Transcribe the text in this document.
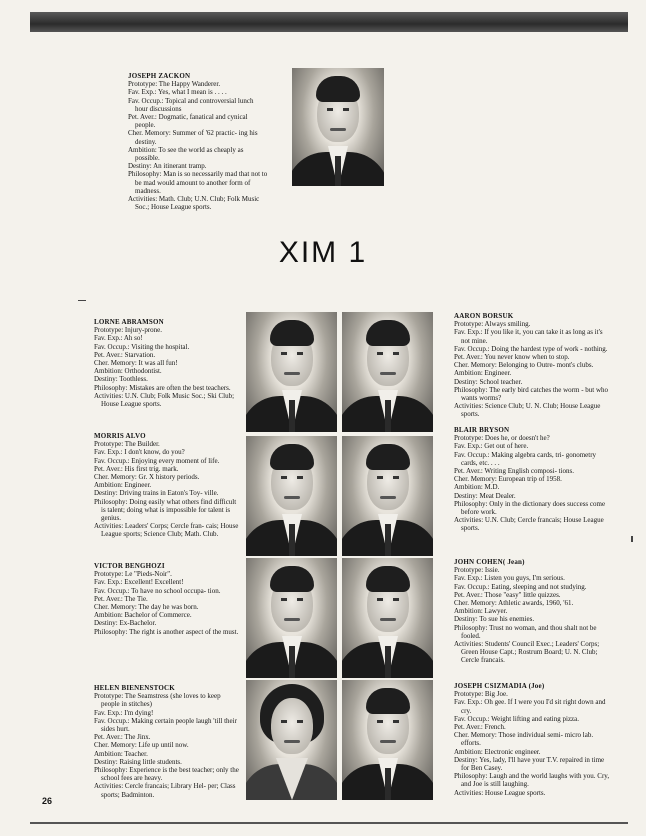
JOSEPH ZACKON
Prototype: The Happy Wanderer.
Fav. Exp.: Yes, what I mean is . . . .
Fav. Occup.: Topical and controversial lunch hour discussions
Pet. Aver.: Dogmatic, fanatical and cynical people.
Cher. Memory: Summer of '62 practic- ing his destiny.
Ambition: To see the world as cheaply as possible.
Destiny: An itinerant tramp.
Philosophy: Man is so necessarily mad that not to be mad would amount to another form of madness.
Activities: Math. Club; U.N. Club; Folk Music Soc.; House League sports.
XIM 1
LORNE ABRAMSON
Prototype: Injury-prone.
Fav. Exp.: Ah so!
Fav. Occup.: Visiting the hospital.
Pet. Aver.: Starvation.
Cher. Memory: It was all fun!
Ambition: Orthodontist.
Destiny: Toothless.
Philosophy: Mistakes are often the best teachers.
Activities: U.N. Club; Folk Music Soc.; Ski Club; House League sports.
MORRIS ALVO
Prototype: The Builder.
Fav. Exp.: I don't know, do you?
Fav. Occup.: Enjoying every moment of life.
Pet. Aver.: His first trig. mark.
Cher. Memory: Gr. X history periods.
Ambition: Engineer.
Destiny: Driving trains in Eaton's Toy- ville.
Philosophy: Doing easily what others find difficult is talent; doing what is impossible for talent is genius.
Activities: Leaders' Corps; Cercle fran- cais; House League sports; Science Club; Math. Club.
VICTOR BENGHOZI
Prototype: Le "Pieds-Noir".
Fav. Exp.: Excellent! Excellent!
Fav. Occup.: To have no school occupa- tion.
Pet. Aver.: The Tie.
Cher. Memory: The day he was born.
Ambition: Bachelor of Commerce.
Destiny: Ex-Bachelor.
Philosophy: The right is another aspect of the must.
HELEN BIENENSTOCK
Prototype: The Seamstress (she loves to keep people in stitches)
Fav. Exp.: I'm dying!
Fav. Occup.: Making certain people laugh 'till their sides hurt.
Pet. Aver.: The Jinx.
Cher. Memory: Life up until now.
Ambition: Teacher.
Destiny: Raising little students.
Philosophy: Experience is the best teacher; only the school fees are heavy.
Activities: Cercle francais; Library Hel- per; Class sports; Badminton.
AARON BORSUK
Prototype: Always smiling.
Fav. Exp.: If you like it, you can take it as long as it's not mine.
Fav. Occup.: Doing the hardest type of work - nothing.
Pet. Aver.: You never know when to stop.
Cher. Memory: Belonging to Outre- mont's clubs.
Ambition: Engineer.
Destiny: School teacher.
Philosophy: The early bird catches the worm - but who wants worms?
Activities: Science Club; U. N. Club; House League sports.
BLAIR BRYSON
Prototype: Does he, or doesn't he?
Fav. Exp.: Get out of here.
Fav. Occup.: Making algebra cards, tri- gonometry cards, etc. . . .
Pet. Aver.: Writing English composi- tions.
Cher. Memory: European trip of 1958.
Ambition: M.D.
Destiny: Meat Dealer.
Philosophy: Only in the dictionary does success come before work.
Activities: U.N. Club; Cercle francais; House League sports.
JOHN COHEN( Jean)
Prototype: Issie.
Fav. Exp.: Listen you guys, I'm serious.
Fav. Occup.: Eating, sleeping and not studying.
Pet. Aver.: Those "easy" little quizzes.
Cher. Memory: Athletic awards, 1960, '61.
Ambition: Lawyer.
Destiny: To sue his enemies.
Philosophy: Trust no woman, and thou shalt not be fooled.
Activities: Students' Council Exec.; Leaders' Corps; Green House Capt.; Rostrum Board; U. N. Club; Cercle francais.
JOSEPH CSIZMADIA (Joe)
Prototype: Big Joe.
Fav. Exp.: Oh gee. If I were you I'd sit right down and cry.
Fav. Occup.: Weight lifting and eating pizza.
Pet. Aver.: French.
Cher. Memory: Those individual semi- micro lab. efforts.
Ambition: Electronic engineer.
Destiny: Yes, lady, I'll have your T.V. repaired in time for Ben Casey.
Philosophy: Laugh and the world laughs with you. Cry, and Joe is still laughing.
Activities: House League sports.
26
